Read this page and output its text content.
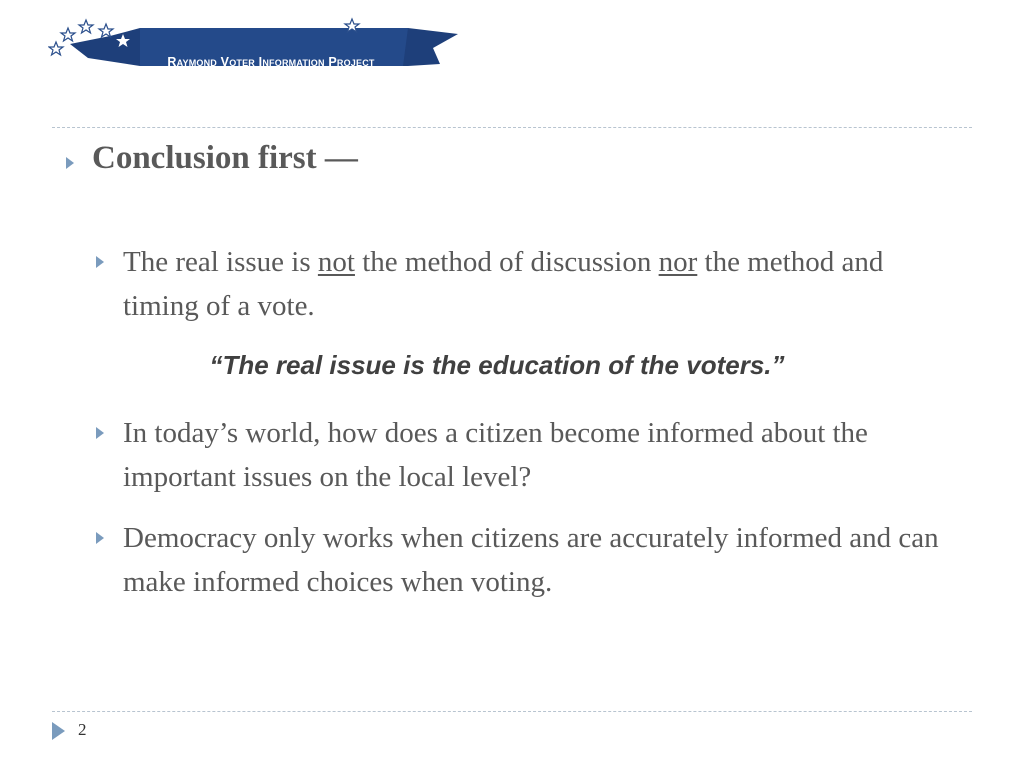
Raymond Voter Information Project
Conclusion first —
The real issue is not the method of discussion nor the method and timing of a vote.
“The real issue is the education of the voters.”
In today’s world, how does a citizen become informed about the important issues on the local level?
Democracy only works when citizens are accurately informed and can make informed choices when voting.
2
